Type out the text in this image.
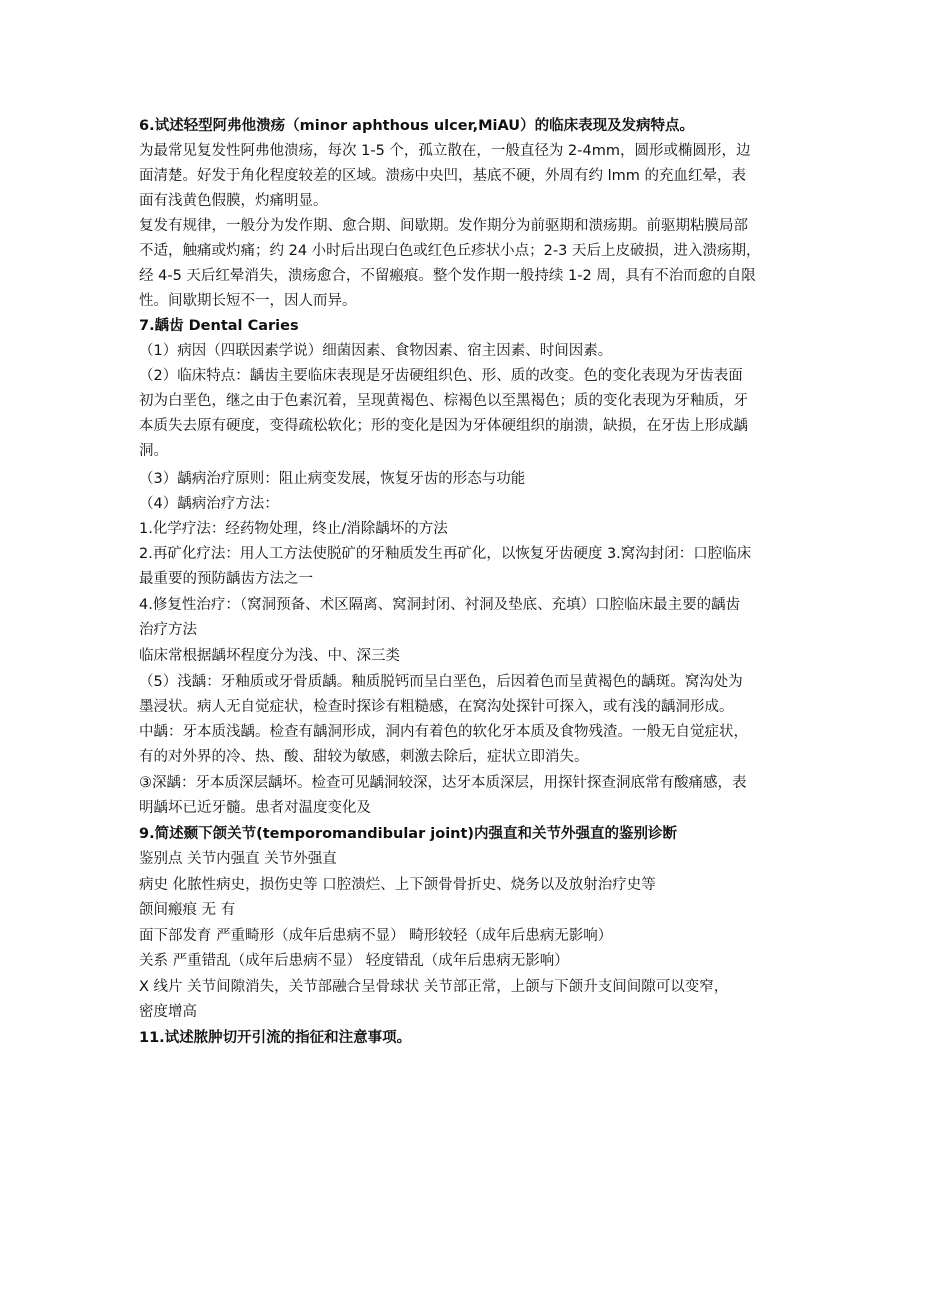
6.试述轻型阿弗他溃疡（minor aphthous ulcer,MiAU）的临床表现及发病特点。
为最常见复发性阿弗他溃疡，每次 1-5 个，孤立散在，一般直径为 2-4mm，圆形或椭圆形，边
面清楚。好发于角化程度较差的区域。溃疡中央凹，基底不硬，外周有约 lmm 的充血红晕，表
面有浅黄色假膜，灼痛明显。
复发有规律，一般分为发作期、愈合期、间歇期。发作期分为前驱期和溃疡期。前驱期粘膜局部
不适，触痛或灼痛；约 24 小时后出现白色或红色丘疹状小点；2-3 天后上皮破损，进入溃疡期，
经 4-5 天后红晕消失，溃疡愈合，不留瘢痕。整个发作期一般持续 1-2 周，具有不治而愈的自限
性。间歇期长短不一，因人而异。
7.龋齿 Dental Caries
（1）病因（四联因素学说）细菌因素、食物因素、宿主因素、时间因素。
（2）临床特点：龋齿主要临床表现是牙齿硬组织色、形、质的改变。色的变化表现为牙齿表面
初为白垩色，继之由于色素沉着，呈现黄褐色、棕褐色以至黑褐色；质的变化表现为牙釉质，牙
本质失去原有硬度，变得疏松软化；形的变化是因为牙体硬组织的崩溃，缺损，在牙齿上形成龋
洞。
（3）龋病治疗原则：阻止病变发展，恢复牙齿的形态与功能
（4）龋病治疗方法：
1.化学疗法：经药物处理，终止/消除龋坏的方法
2.再矿化疗法：用人工方法使脱矿的牙釉质发生再矿化，以恢复牙齿硬度 3.窝沟封闭：口腔临床
最重要的预防龋齿方法之一
4.修复性治疗：（窝洞预备、术区隔离、窝洞封闭、衬洞及垫底、充填）口腔临床最主要的龋齿
治疗方法
临床常根据龋坏程度分为浅、中、深三类
（5）浅龋：牙釉质或牙骨质龋。釉质脱钙而呈白垩色，后因着色而呈黄褐色的龋斑。窝沟处为
墨浸状。病人无自觉症状，检查时探诊有粗糙感，在窝沟处探针可探入，或有浅的龋洞形成。
中龋：牙本质浅龋。检查有龋洞形成，洞内有着色的软化牙本质及食物残渣。一般无自觉症状，
有的对外界的冷、热、酸、甜较为敏感，刺激去除后，症状立即消失。
③深龋：牙本质深层龋坏。检查可见龋洞较深，达牙本质深层，用探针探查洞底常有酸痛感，表
明龋坏已近牙髓。患者对温度变化及
9.简述颞下颌关节(temporomandibular joint)内强直和关节外强直的鉴别诊断
鉴别点 关节内强直 关节外强直
病史 化脓性病史，损伤史等 口腔溃烂、上下颌骨骨折史、烧务以及放射治疗史等
颌间瘢痕 无 有
面下部发育 严重畸形（成年后患病不显） 畸形较轻（成年后患病无影响）
关系 严重错乱（成年后患病不显） 轻度错乱（成年后患病无影响）
X 线片 关节间隙消失，关节部融合呈骨球状 关节部正常，上颌与下颌升支间间隙可以变窄，
密度增高
11.试述脓肿切开引流的指征和注意事项。
